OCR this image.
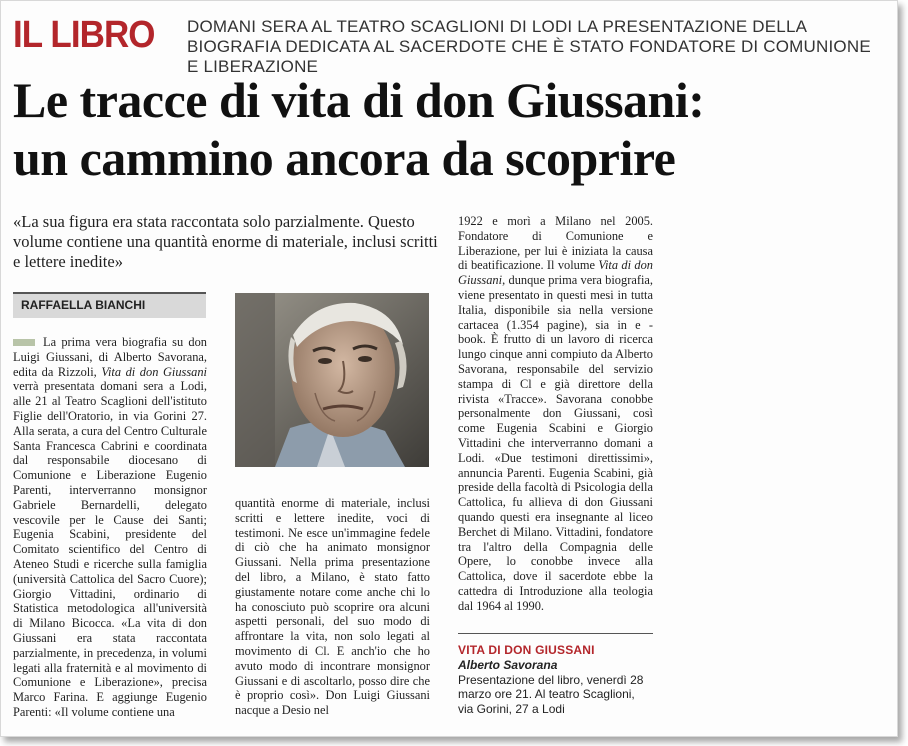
IL LIBRO DOMANI SERA AL TEATRO SCAGLIONI DI LODI LA PRESENTAZIONE DELLA BIOGRAFIA DEDICATA AL SACERDOTE CHE È STATO FONDATORE DI COMUNIONE E LIBERAZIONE
Le tracce di vita di don Giussani:
un cammino ancora da scoprire
«La sua figura era stata raccontata solo parzialmente. Questo volume contiene una quantità enorme di materiale, inclusi scritti e lettere inedite»
RAFFAELLA BIANCHI
La prima vera biografia su don Luigi Giussani, di Alberto Savorana, edita da Rizzoli, Vita di don Giussani verrà presentata domani sera a Lodi, alle 21 al Teatro Scaglioni dell'istituto Figlie dell'Oratorio, in via Gorini 27. Alla serata, a cura del Centro Culturale Santa Francesca Cabrini e coordinata dal responsabile diocesano di Comunione e Liberazione Eugenio Parenti, interverranno monsignor Gabriele Bernardelli, delegato vescovile per le Cause dei Santi; Eugenia Scabini, presidente del Comitato scientifico del Centro di Ateneo Studi e ricerche sulla famiglia (università Cattolica del Sacro Cuore); Giorgio Vittadini, ordinario di Statistica metodologica all'università di Milano Bicocca. «La vita di don Giussani era stata raccontata parzialmente, in precedenza, in volumi legati alla fraternità e al movimento di Comunione e Liberazione», precisa Marco Farina. E aggiunge Eugenio Parenti: «Il volume contiene una
quantità enorme di materiale, inclusi scritti e lettere inedite, voci di testimoni. Ne esce un'immagine fedele di ciò che ha animato monsignor Giussani. Nella prima presentazione del libro, a Milano, è stato fatto giustamente notare come anche chi lo ha conosciuto può scoprire ora alcuni aspetti personali, del suo modo di affrontare la vita, non solo legati al movimento di Cl. E anch'io che ho avuto modo di incontrare monsignor Giussani e di ascoltarlo, posso dire che è proprio così». Don Luigi Giussani nacque a Desio nel
1922 e morì a Milano nel 2005. Fondatore di Comunione e Liberazione, per lui è iniziata la causa di beatificazione. Il volume Vita di don Giussani, dunque prima vera biografia, viene presentato in questi mesi in tutta Italia, disponibile sia nella versione cartacea (1.354 pagine), sia in e - book. È frutto di un lavoro di ricerca lungo cinque anni compiuto da Alberto Savorana, responsabile del servizio stampa di Cl e già direttore della rivista «Tracce». Savorana conobbe personalmente don Giussani, così come Eugenia Scabini e Giorgio Vittadini che interverranno domani a Lodi. «Due testimoni direttissimi», annuncia Parenti. Eugenia Scabini, già preside della facoltà di Psicologia della Cattolica, fu allieva di don Giussani quando questi era insegnante al liceo Berchet di Milano. Vittadini, fondatore tra l'altro della Compagnia delle Opere, lo conobbe invece alla Cattolica, dove il sacerdote ebbe la cattedra di Introduzione alla teologia dal 1964 al 1990.
VITA DI DON GIUSSANI
Alberto Savorana
Presentazione del libro, venerdì 28 marzo ore 21. Al teatro Scaglioni, via Gorini, 27 a Lodi
